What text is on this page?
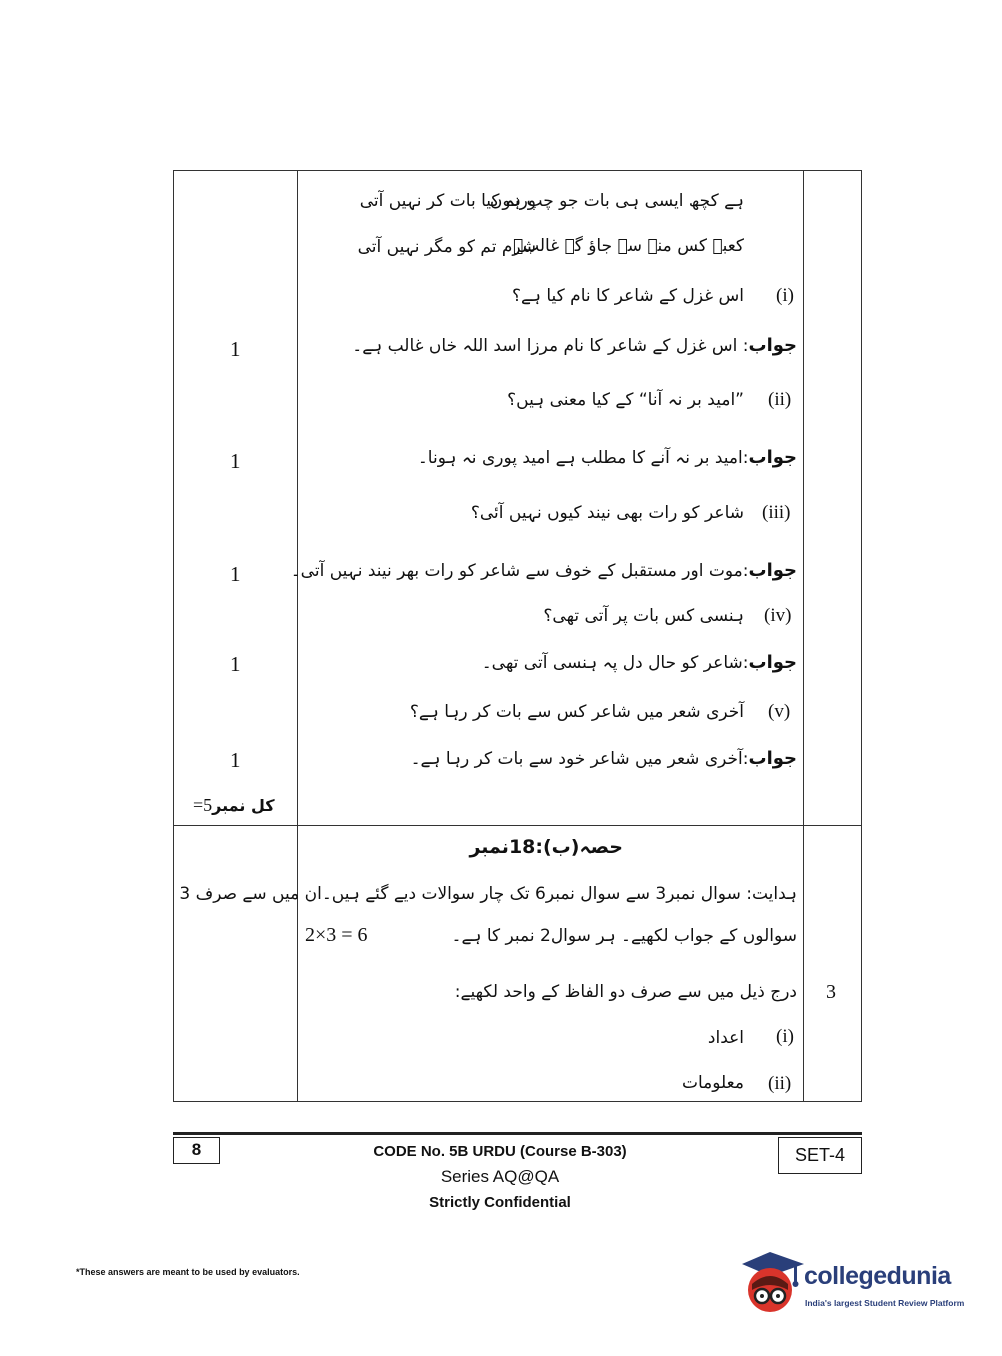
ہے کچھ ایسی ہی بات جو چپ ہوں
ورنہ کیا بات کر نہیں آتی
کعبے کس منہ سے جاؤ گے غالبؔ
شرم تم کو مگر نہیں آتی
اس غزل کے شاعر کا نام کیا ہے؟ (i)
جواب: اس غزل کے شاعر کا نام مرزا اسد اللہ خاں غالب ہے۔
1
”امید بر نہ آنا“ کے کیا معنی ہیں؟ (ii)
جواب:امید بر نہ آنے کا مطلب ہے امید پوری نہ ہونا۔
1
شاعر کو رات بھی نیند کیوں نہیں آئی؟ (iii)
جواب:موت اور مستقبل کے خوف سے شاعر کو رات بھر نیند نہیں آتی۔
1
ہنسی کس بات پر آتی تھی؟ (iv)
جواب:شاعر کو حال دل پہ ہنسی آتی تھی۔
1
آخری شعر میں شاعر کس سے بات کر رہا ہے؟ (v)
جواب:آخری شعر میں شاعر خود سے بات کر رہا ہے۔
1
=5کل نمبر
حصہ(ب):18نمبر
ہدایت: سوال نمبر3 سے سوال نمبر6 تک چار سوالات دیے گئے ہیں۔ان میں سے صرف 3
سوالوں کے جواب لکھیے۔ ہر سوال2 نمبر کا ہے۔
2×3 = 6
3
درج ذیل میں سے صرف دو الفاظ کے واحد لکھیے:
(i)
اعداد
(ii)
معلومات
8	SET-4
CODE No. 5B URDU (Course B-303)
Series AQ@QA
Strictly Confidential
*These answers are meant to be used by evaluators.	collegedunia
India's largest Student Review Platform
